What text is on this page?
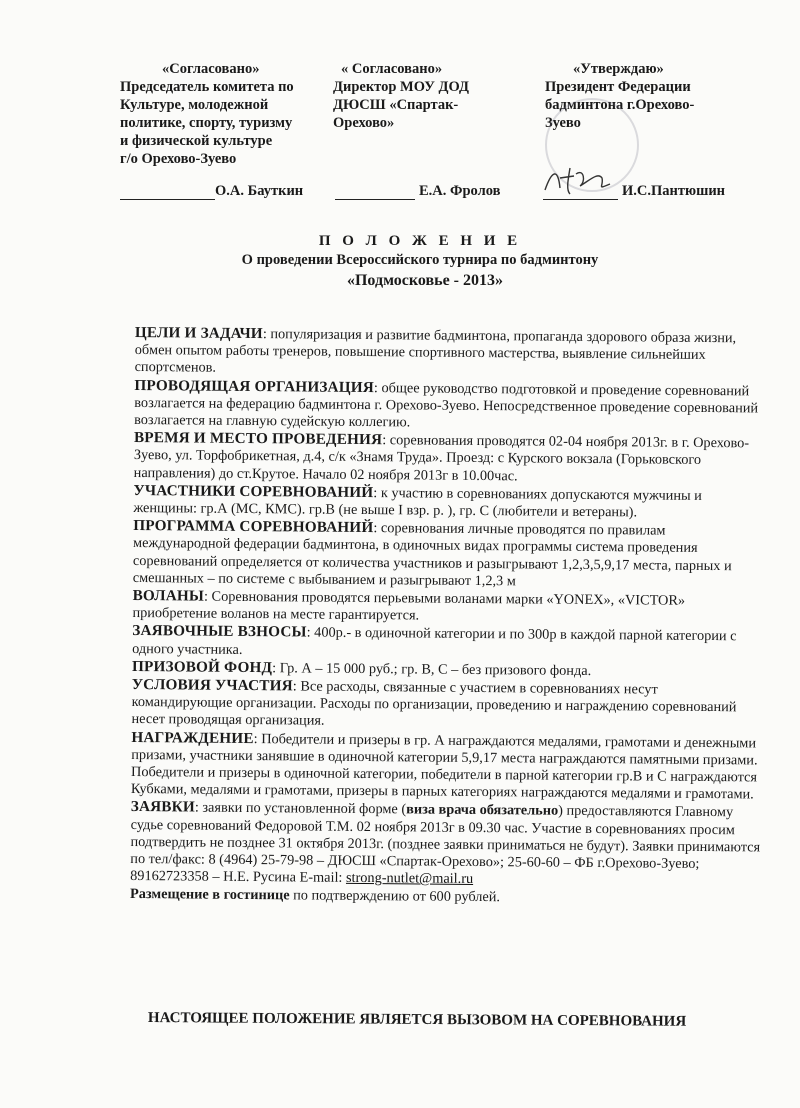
«Согласовано»
Председатель комитета по
Культуре, молодежной
политике, спорту, туризму
и физической культуре
г/о Орехово-Зуево
О.А. Бауткин
« Согласовано»
Директор МОУ ДОД
ДЮСШ «Спартак-
Орехово»
Е.А. Фролов
«Утверждаю»
Президент Федерации
бадминтона г.Орехово-
Зуево
И.С.Пантюшин
П О Л О Ж Е Н И Е
О проведении Всероссийского турнира по бадминтону
«Подмосковье - 2013»

ЦЕЛИ И ЗАДАЧИ: популяризация и развитие бадминтона, пропаганда здорового образа жизни, обмен опытом работы тренеров, повышение спортивного мастерства, выявление сильнейших спортсменов.

ПРОВОДЯЩАЯ ОРГАНИЗАЦИЯ: общее руководство подготовкой и проведение соревнований возлагается на федерацию бадминтона г. Орехово-Зуево. Непосредственное проведение соревнований возлагается на главную судейскую коллегию.

ВРЕМЯ И МЕСТО ПРОВЕДЕНИЯ: соревнования проводятся 02-04 ноября 2013г. в г. Орехово-Зуево, ул. Торфобрикетная, д.4, с/к «Знамя Труда». Проезд: с Курского вокзала (Горьковского направления) до ст.Крутое. Начало 02 ноября 2013г в 10.00час.

УЧАСТНИКИ СОРЕВНОВАНИЙ: к участию в соревнованиях допускаются мужчины и женщины: гр.А (МС, КМС). гр.В (не выше I взр. р. ), гр. С (любители и ветераны).

ПРОГРАММА СОРЕВНОВАНИЙ: соревнования личные проводятся по правилам международной федерации бадминтона, в одиночных видах программы система проведения соревнований определяется от количества участников и разыгрывают 1,2,3,5,9,17 места, парных и смешанных – по системе с выбыванием и разыгрывают 1,2,3 м

ВОЛАНЫ: Соревнования проводятся перьевыми воланами марки «YONEX», «VICTOR» приобретение воланов на месте гарантируется.

ЗАЯВОЧНЫЕ ВЗНОСЫ: 400р.- в одиночной категории и по 300р в каждой парной категории с одного участника.

ПРИЗОВОЙ ФОНД: Гр. А – 15 000 руб.; гр. В, С – без призового фонда.

УСЛОВИЯ УЧАСТИЯ: Все расходы, связанные с участием в соревнованиях несут командирующие организации. Расходы по организации, проведению и награждению соревнований несет проводящая организация.

НАГРАЖДЕНИЕ: Победители и призеры в гр. А награждаются медалями, грамотами и денежными призами, участники занявшие в одиночной категории 5,9,17 места награждаются памятными призами. Победители и призеры в одиночной категории, победители в парной категории гр.В и С награждаются Кубками, медалями и грамотами, призеры в парных категориях награждаются медалями и грамотами.

ЗАЯВКИ: заявки по установленной форме (виза врача обязательно) предоставляются Главному судье соревнований Федоровой Т.М. 02 ноября 2013г в 09.30 час. Участие в соревнованиях просим подтвердить не позднее 31 октября 2013г. (позднее заявки приниматься не будут). Заявки принимаются по тел/факс: 8 (4964) 25-79-98 – ДЮСШ «Спартак-Орехово»; 25-60-60 – ФБ г.Орехово-Зуево; 89162723358 – Н.Е. Русина E-mail: strong-nutlet@mail.ru

Размещение в гостинице по подтверждению от 600 рублей.

НАСТОЯЩЕЕ ПОЛОЖЕНИЕ ЯВЛЯЕТСЯ ВЫЗОВОМ НА СОРЕВНОВАНИЯ
